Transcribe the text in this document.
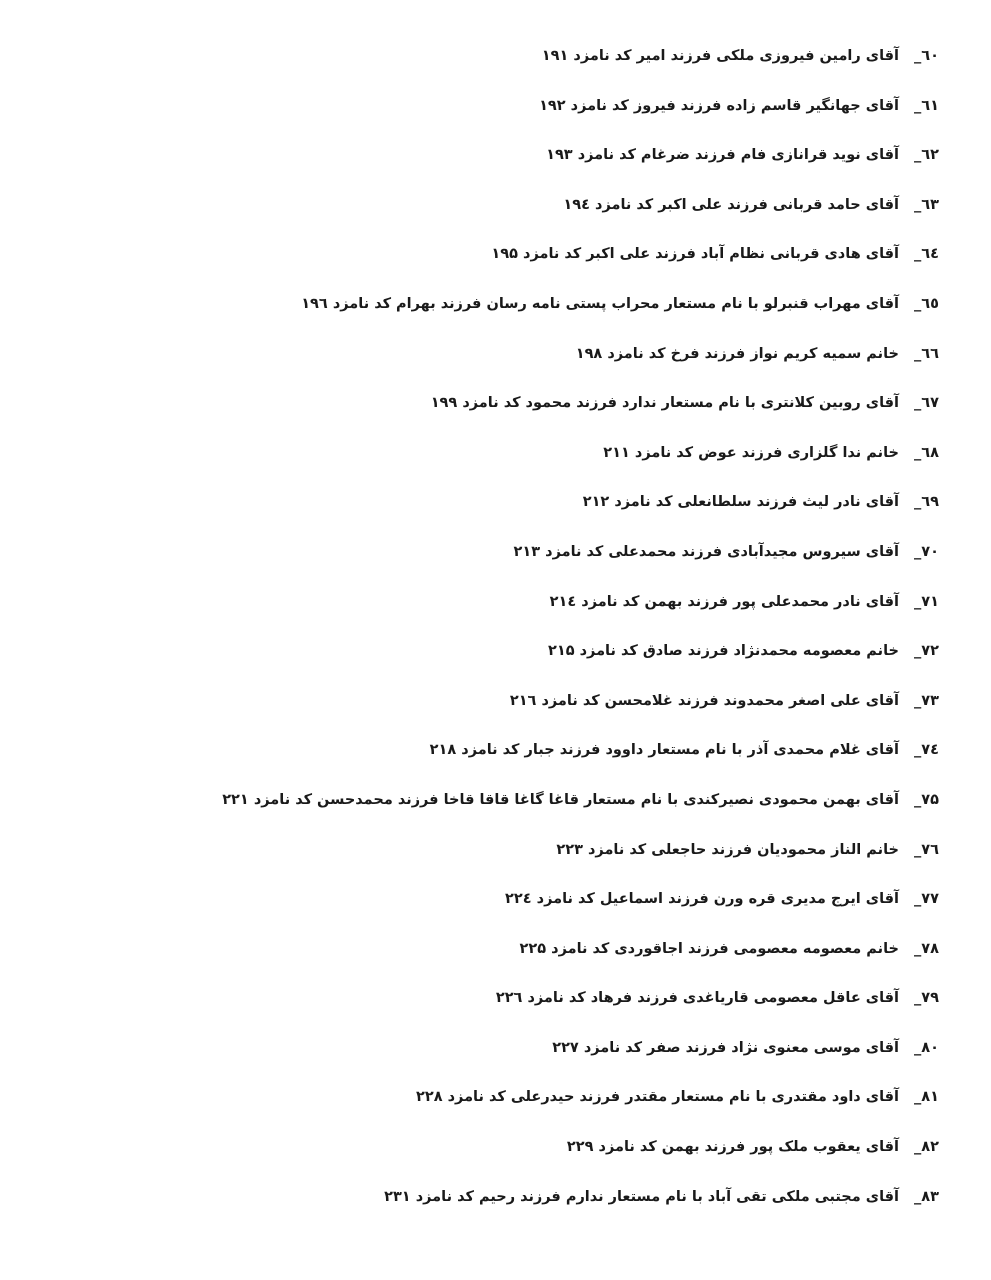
٦٠_آقای رامین فیروزی ملکی فرزند امیر کد نامزد ۱۹۱
٦١_آقای جهانگیر قاسم زاده فرزند فیروز کد نامزد ۱۹۲
٦٢_آقای نوید قرانازی فام فرزند ضرغام کد نامزد ۱۹۳
٦٣_آقای حامد قربانی فرزند علی اکبر کد نامزد ۱۹٤
٦٤_آقای هادی قربانی نظام آباد فرزند علی اکبر کد نامزد ۱۹۵
٦٥_آقای مهراب قنبرلو با نام مستعار محراب پستی نامه رسان فرزند بهرام کد نامزد ۱۹٦
٦٦_خانم سمیه کریم نواز فرزند فرخ کد نامزد ۱۹۸
٦٧_آقای روبین کلانتری با نام مستعار ندارد فرزند محمود کد نامزد ۱۹۹
٦٨_خانم ندا گلزاری فرزند عوض کد نامزد ۲۱۱
٦٩_آقای نادر لیث فرزند سلطانعلی کد نامزد ۲۱۲
۷۰_آقای سیروس مجیدآبادی فرزند محمدعلی کد نامزد ۲۱۳
۷۱_آقای نادر محمدعلی پور فرزند بهمن کد نامزد ۲۱٤
۷۲_خانم معصومه محمدنژاد فرزند صادق کد نامزد ۲۱۵
۷۳_آقای علی اصغر محمدوند فرزند غلامحسن کد نامزد ۲۱٦
۷٤_آقای غلام محمدی آذر با نام مستعار داوود فرزند جبار کد نامزد ۲۱۸
۷۵_آقای بهمن محمودی نصیرکندی با نام مستعار قاغا گاغا قاقا قاخا فرزند محمدحسن کد نامزد ۲۲۱
۷٦_خانم الناز محمودیان فرزند حاجعلی کد نامزد ۲۲۳
۷۷_آقای ایرج مدیری قره ورن فرزند اسماعیل کد نامزد ۲۲٤
۷۸_خانم معصومه معصومی فرزند اجاقوردی کد نامزد ۲۲۵
۷۹_آقای عاقل معصومی قاریاغدی فرزند فرهاد کد نامزد ۲۲٦
۸۰_آقای موسی معنوی نژاد فرزند صفر کد نامزد ۲۲۷
۸۱_آقای داود مقتدری با نام مستعار مقتدر فرزند حیدرعلی کد نامزد ۲۲۸
۸۲_آقای یعقوب ملک پور فرزند بهمن کد نامزد ۲۲۹
۸۳_آقای مجتبی ملکی تقی آباد با نام مستعار ندارم فرزند رحیم کد نامزد ۲۳۱
